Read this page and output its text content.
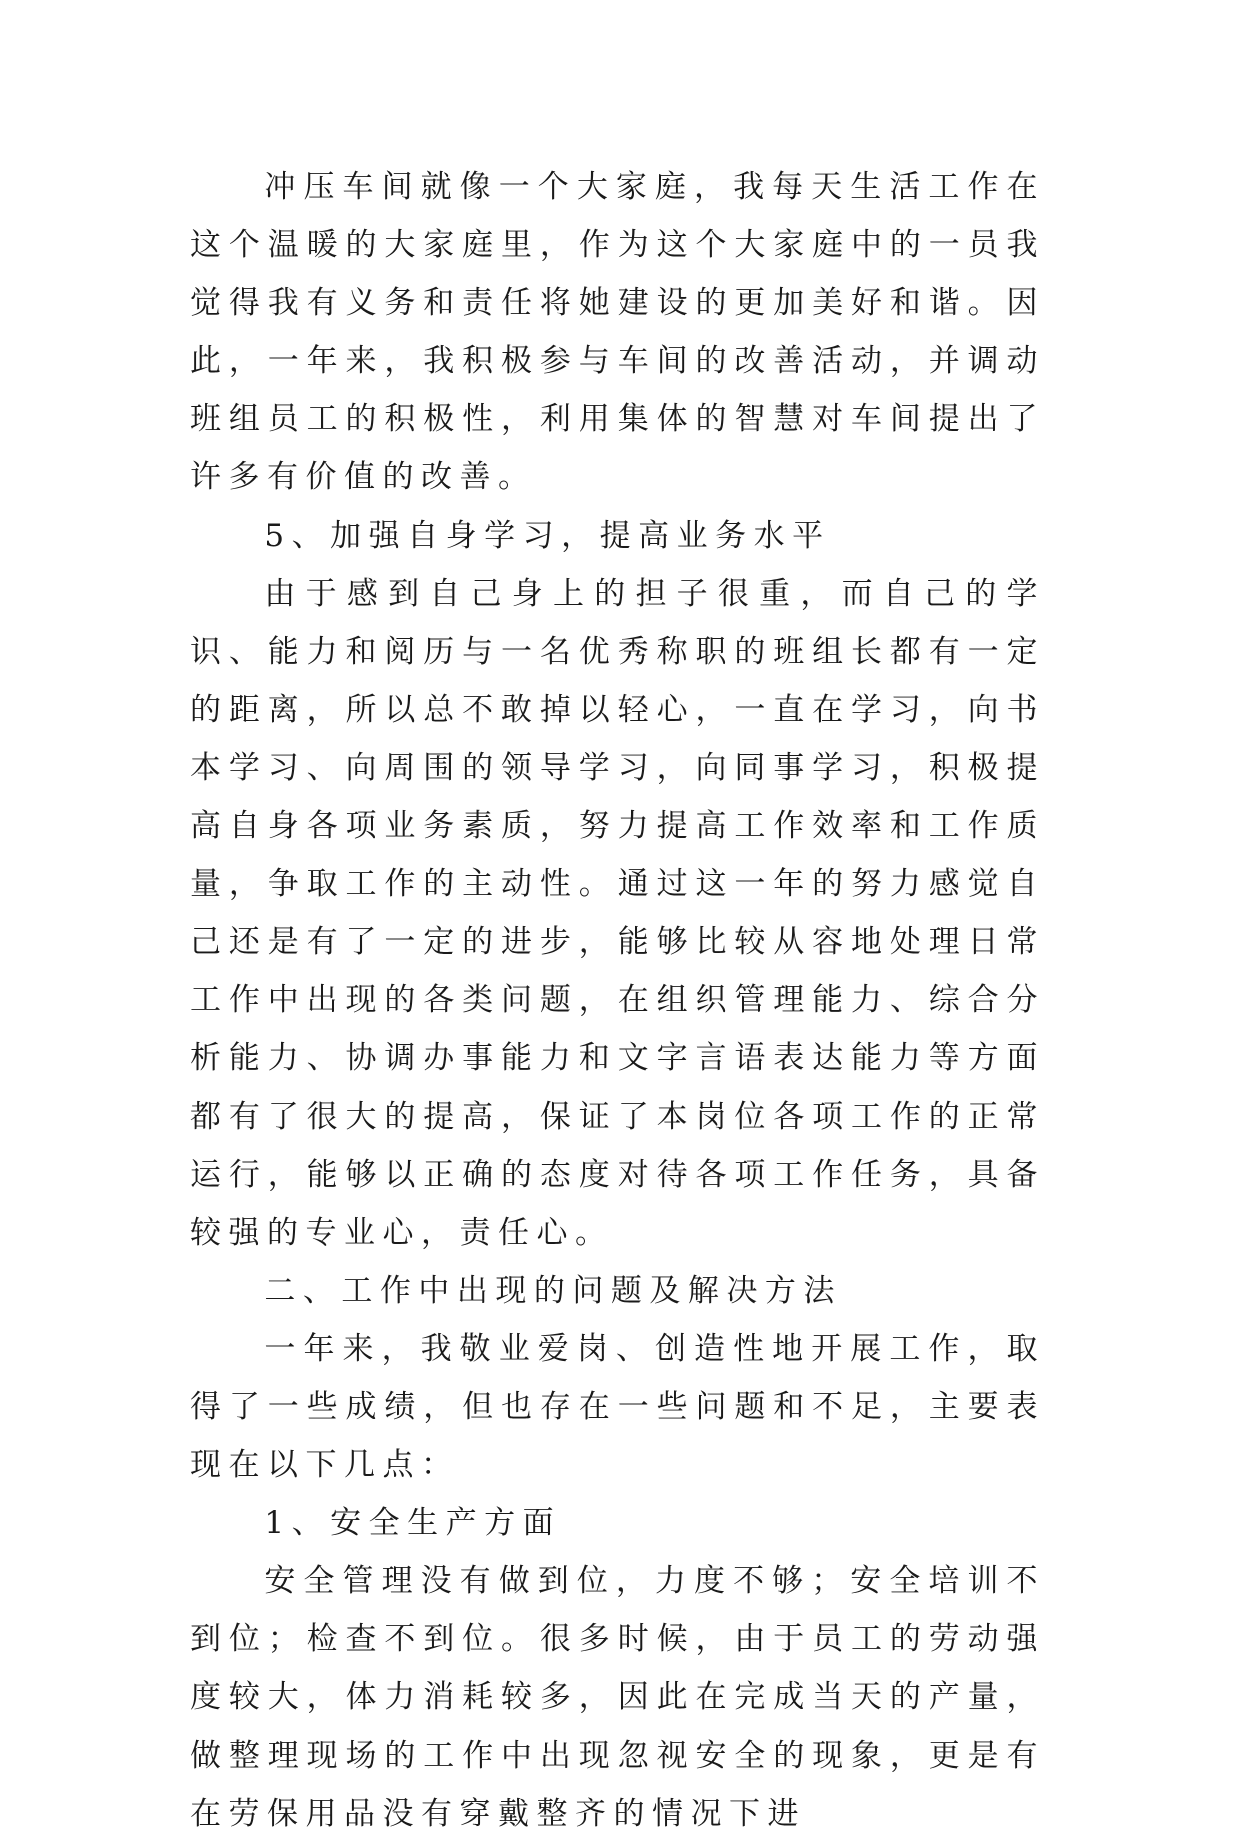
冲压车间就像一个大家庭，我每天生活工作在这个温暖的大家庭里，作为这个大家庭中的一员我觉得我有义务和责任将她建设的更加美好和谐。因此，一年来，我积极参与车间的改善活动，并调动班组员工的积极性，利用集体的智慧对车间提出了许多有价值的改善。

5、加强自身学习，提高业务水平

由于感到自己身上的担子很重，而自己的学识、能力和阅历与一名优秀称职的班组长都有一定的距离，所以总不敢掉以轻心，一直在学习，向书本学习、向周围的领导学习，向同事学习，积极提高自身各项业务素质，努力提高工作效率和工作质量，争取工作的主动性。通过这一年的努力感觉自己还是有了一定的进步，能够比较从容地处理日常工作中出现的各类问题，在组织管理能力、综合分析能力、协调办事能力和文字言语表达能力等方面都有了很大的提高，保证了本岗位各项工作的正常运行，能够以正确的态度对待各项工作任务，具备较强的专业心，责任心。

二、工作中出现的问题及解决方法

一年来，我敬业爱岗、创造性地开展工作，取得了一些成绩，但也存在一些问题和不足，主要表现在以下几点：

1、安全生产方面

安全管理没有做到位，力度不够；安全培训不到位；检查不到位。很多时候，由于员工的劳动强度较大，体力消耗较多，因此在完成当天的产量，做整理现场的工作中出现忽视安全的现象，更是有在劳保用品没有穿戴整齐的情况下进
